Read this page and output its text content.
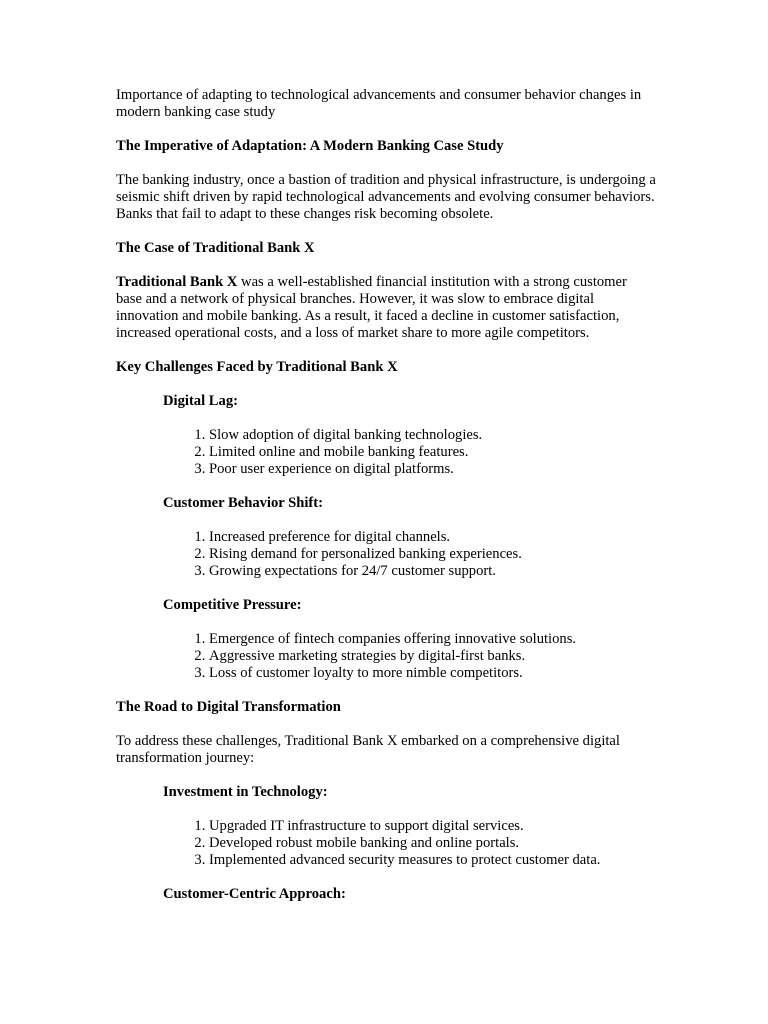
Importance of adapting to technological advancements and consumer behavior changes in modern banking case study

The Imperative of Adaptation: A Modern Banking Case Study

The banking industry, once a bastion of tradition and physical infrastructure, is undergoing a seismic shift driven by rapid technological advancements and evolving consumer behaviors. Banks that fail to adapt to these changes risk becoming obsolete.

The Case of Traditional Bank X

Traditional Bank X was a well-established financial institution with a strong customer base and a network of physical branches. However, it was slow to embrace digital innovation and mobile banking. As a result, it faced a decline in customer satisfaction, increased operational costs, and a loss of market share to more agile competitors.

Key Challenges Faced by Traditional Bank X
Digital Lag:
1. Slow adoption of digital banking technologies.
2. Limited online and mobile banking features.
3. Poor user experience on digital platforms.
Customer Behavior Shift:
1. Increased preference for digital channels.
2. Rising demand for personalized banking experiences.
3. Growing expectations for 24/7 customer support.
Competitive Pressure:
1. Emergence of fintech companies offering innovative solutions.
2. Aggressive marketing strategies by digital-first banks.
3. Loss of customer loyalty to more nimble competitors.
The Road to Digital Transformation

To address these challenges, Traditional Bank X embarked on a comprehensive digital transformation journey:

Investment in Technology:
1. Upgraded IT infrastructure to support digital services.
2. Developed robust mobile banking and online portals.
3. Implemented advanced security measures to protect customer data.
Customer-Centric Approach:
